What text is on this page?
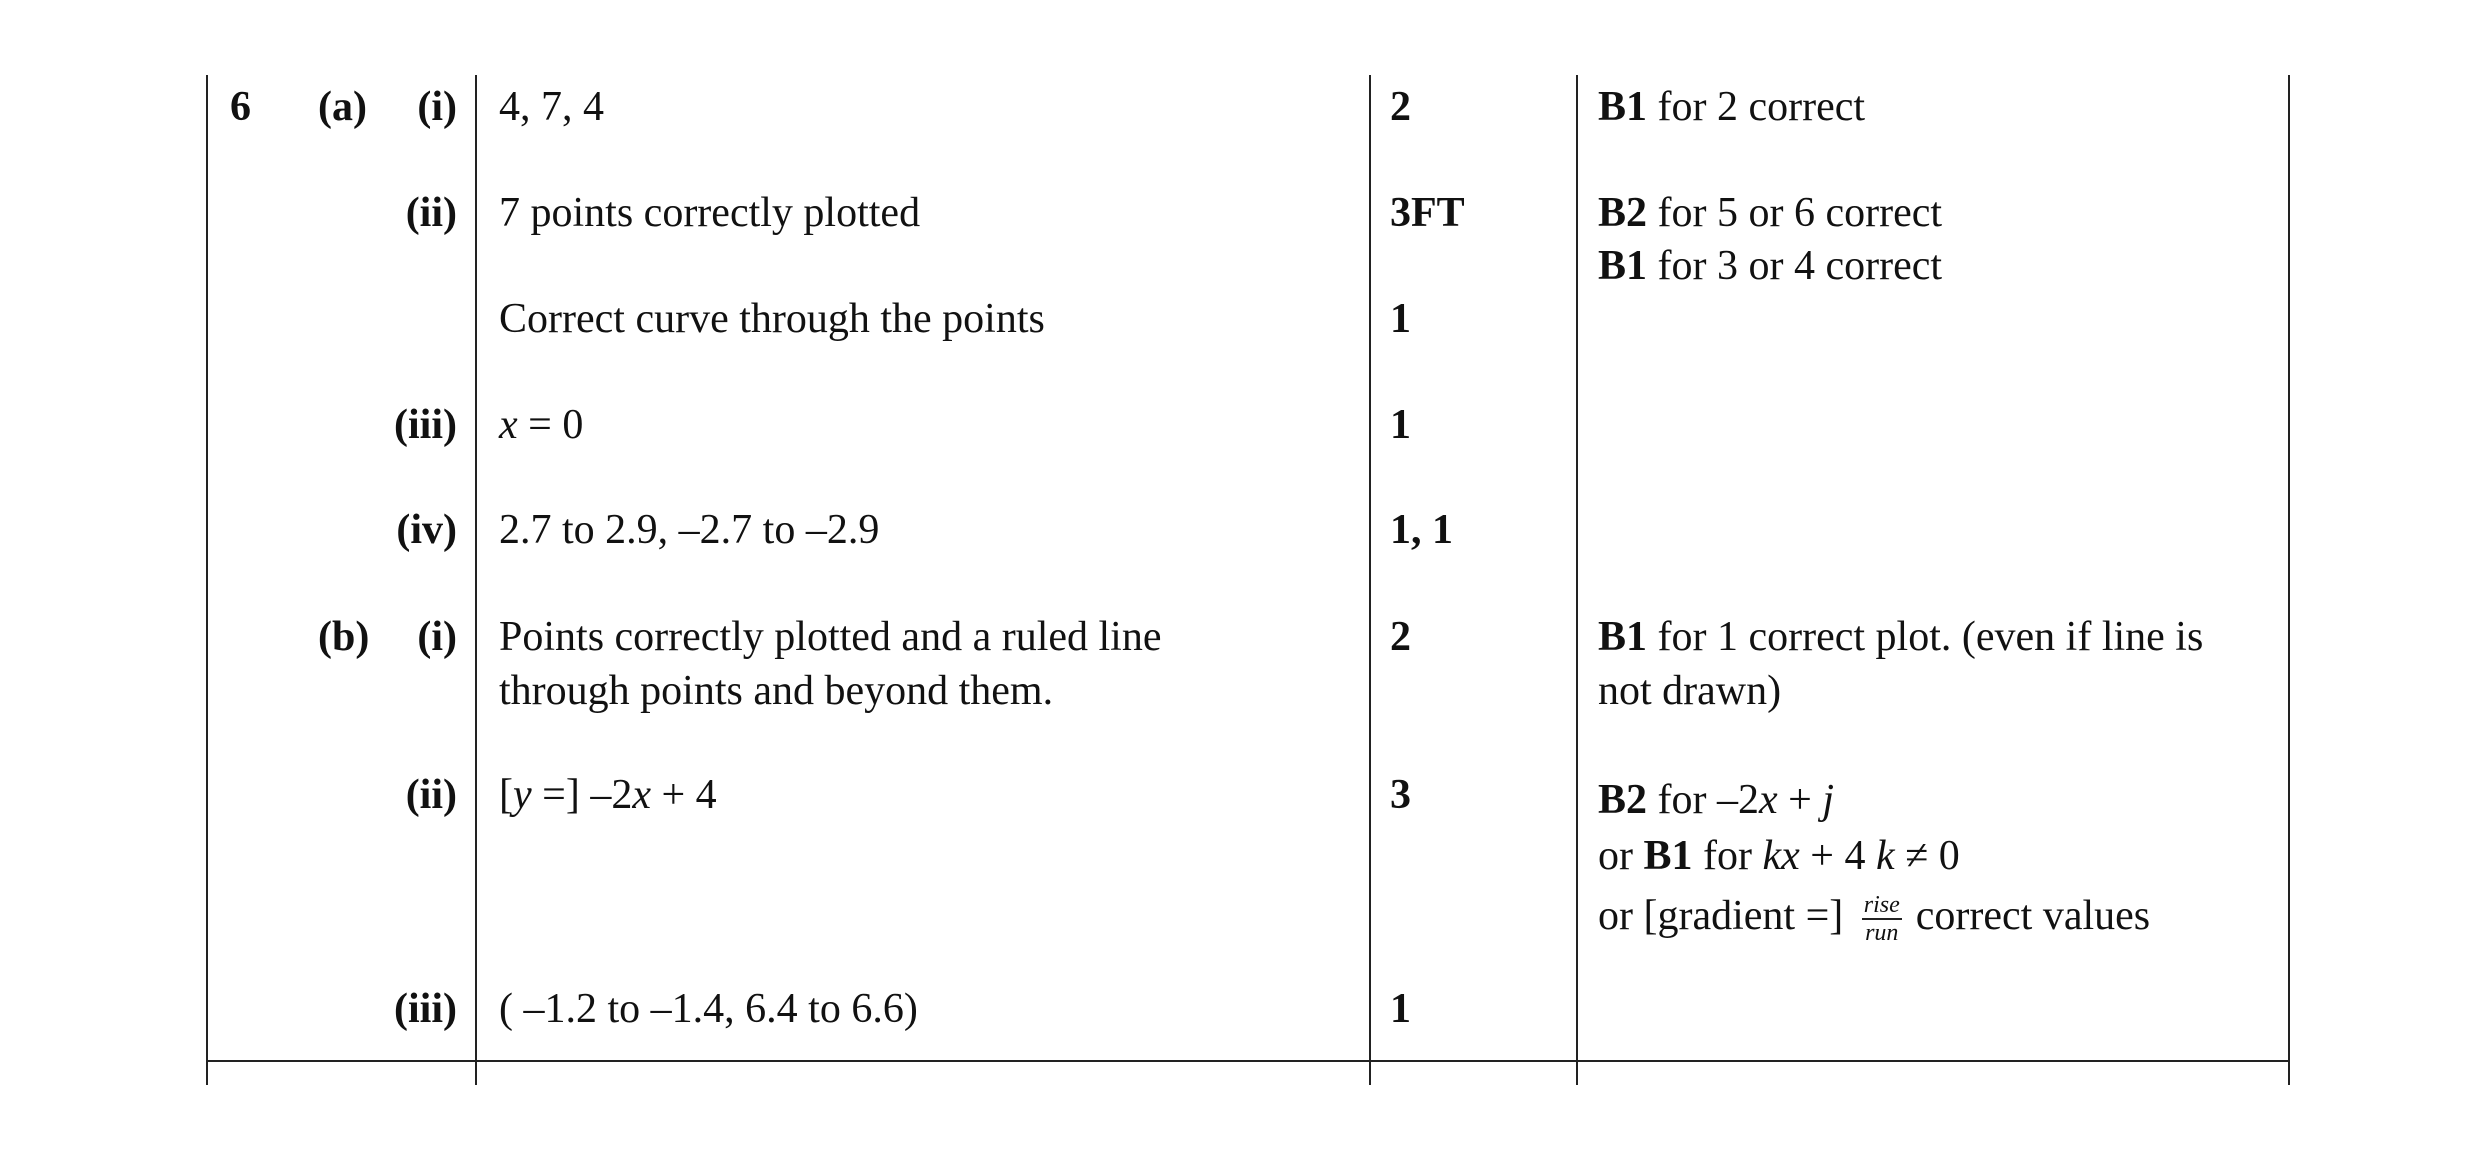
6 (a) (i) 4, 7, 4	2	B1 for 2 correct
(ii) 7 points correctly plotted	3FT	B2 for 5 or 6 correct
B1 for 3 or 4 correct
Correct curve through the points	1
(iii) x = 0	1
(iv) 2.7 to 2.9, –2.7 to –2.9	1, 1
(b) (i) Points correctly plotted and a ruled line
through points and beyond them.
2	B1 for 1 correct plot. (even if line is
not drawn)
(ii) [y =] –2x + 4	3	B2 for –2x + j
or B1 for kx + 4 k ≠ 0
or [gradient =] $\frac{\text{rise}}{\text{run}}$ correct values
(iii) ( –1.2 to –1.4, 6.4 to 6.6)	1
